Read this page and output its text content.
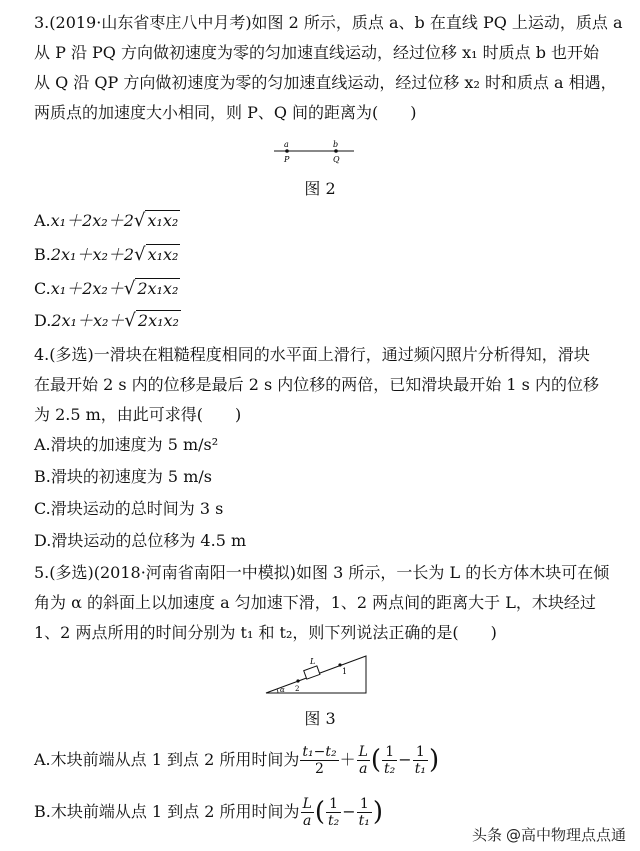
3.(2019·山东省枣庄八中月考)如图 2 所示，质点 a、b 在直线 PQ 上运动，质点 a
从 P 沿 PQ 方向做初速度为零的匀加速直线运动，经过位移 x₁ 时质点 b 也开始
从 Q 沿 QP 方向做初速度为零的匀加速直线运动，经过位移 x₂ 时和质点 a 相遇，
两质点的加速度大小相同，则 P、Q 间的距离为(　　)
a
P
b
Q
图 2
A.x₁＋2x₂＋2√ x₁x₂
B.2x₁＋x₂＋2√ x₁x₂
C.x₁＋2x₂＋√ 2x₁x₂
D.2x₁＋x₂＋√ 2x₁x₂
4.(多选)一滑块在粗糙程度相同的水平面上滑行，通过频闪照片分析得知，滑块
在最开始 2 s 内的位移是最后 2 s 内位移的两倍，已知滑块最开始 1 s 内的位移
为 2.5 m，由此可求得(　　)
A.滑块的加速度为 5 m/s²
B.滑块的初速度为 5 m/s
C.滑块运动的总时间为 3 s
D.滑块运动的总位移为 4.5 m
5.(多选)(2018·河南省南阳一中模拟)如图 3 所示，一长为 L 的长方体木块可在倾
角为 α 的斜面上以加速度 a 匀加速下滑，1、2 两点间的距离大于 L，木块经过
1、2 两点所用的时间分别为 t₁ 和 t₂，则下列说法正确的是(　　)
L
1
2
α
图 3
A.木块前端从点 1 到点 2 所用时间为 $\frac{\text{t₁−t₂}}{2} + \frac{L}{a}$ ( $\frac{1}{\text{t₂}} - \frac{1}{\text{t₁}}$ )
B.木块前端从点 1 到点 2 所用时间为 $\frac{L}{a}$ ( $\frac{1}{\text{t₂}} - \frac{1}{\text{t₁}}$ )
头条 @高中物理点点通
